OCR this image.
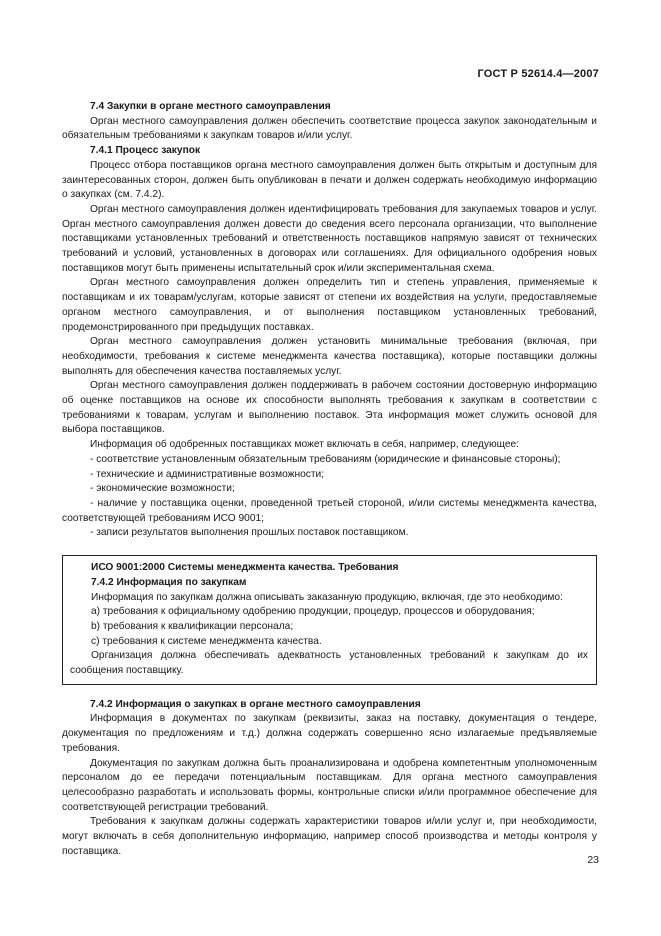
ГОСТ Р 52614.4—2007

7.4 Закупки в органе местного самоуправления

Орган местного самоуправления должен обеспечить соответствие процесса закупок законодательным и обязательным требованиями к закупкам товаров и/или услуг.

7.4.1 Процесс закупок

Процесс отбора поставщиков органа местного самоуправления должен быть открытым и доступным для заинтересованных сторон, должен быть опубликован в печати и должен содержать необходимую информацию о закупках (см. 7.4.2).

Орган местного самоуправления должен идентифицировать требования для закупаемых товаров и услуг. Орган местного самоуправления должен довести до сведения всего персонала организации, что выполнение поставщиками установленных требований и ответственность поставщиков напрямую зависят от технических требований и условий, установленных в договорах или соглашениях. Для официального одобрения новых поставщиков могут быть применены испытательный срок и/или экспериментальная схема.

Орган местного самоуправления должен определить тип и степень управления, применяемые к поставщикам и их товарам/услугам, которые зависят от степени их воздействия на услуги, предоставляемые органом местного самоуправления, и от выполнения поставщиком установленных требований, продемонстрированного при предыдущих поставках.

Орган местного самоуправления должен установить минимальные требования (включая, при необходимости, требования к системе менеджмента качества поставщика), которые поставщики должны выполнять для обеспечения качества поставляемых услуг.

Орган местного самоуправления должен поддерживать в рабочем состоянии достоверную информацию об оценке поставщиков на основе их способности выполнять требования к закупкам в соответствии с требованиями к товарам, услугам и выполнению поставок. Эта информация может служить основой для выбора поставщиков.

Информация об одобренных поставщиках может включать в себя, например, следующее:

- соответствие установленным обязательным требованиям (юридические и финансовые стороны);

- технические и административные возможности;

- экономические возможности;

- наличие у поставщика оценки, проведенной третьей стороной, и/или системы менеджмента качества, соответствующей требованиям ИСО 9001;

- записи результатов выполнения прошлых поставок поставщиком.

ИСО 9001:2000 Системы менеджмента качества. Требования

7.4.2 Информация по закупкам

Информация по закупкам должна описывать заказанную продукцию, включая, где это необходимо:

а) требования к официальному одобрению продукции, процедур, процессов и оборудования;

b) требования к квалификации персонала;

с) требования к системе менеджмента качества.

Организация должна обеспечивать адекватность установленных требований к закупкам до их сообщения поставщику.

7.4.2 Информация о закупках в органе местного самоуправления

Информация в документах по закупкам (реквизиты, заказ на поставку, документация о тендере, документация по предложениям и т.д.) должна содержать совершенно ясно излагаемые предъявляемые требования.

Документация по закупкам должна быть проанализирована и одобрена компетентным уполномоченным персоналом до ее передачи потенциальным поставщикам. Для органа местного самоуправления целесообразно разработать и использовать формы, контрольные списки и/или программное обеспечение для соответствующей регистрации требований.

Требования к закупкам должны содержать характеристики товаров и/или услуг и, при необходимости, могут включать в себя дополнительную информацию, например способ производства и методы контроля у поставщика.

23
